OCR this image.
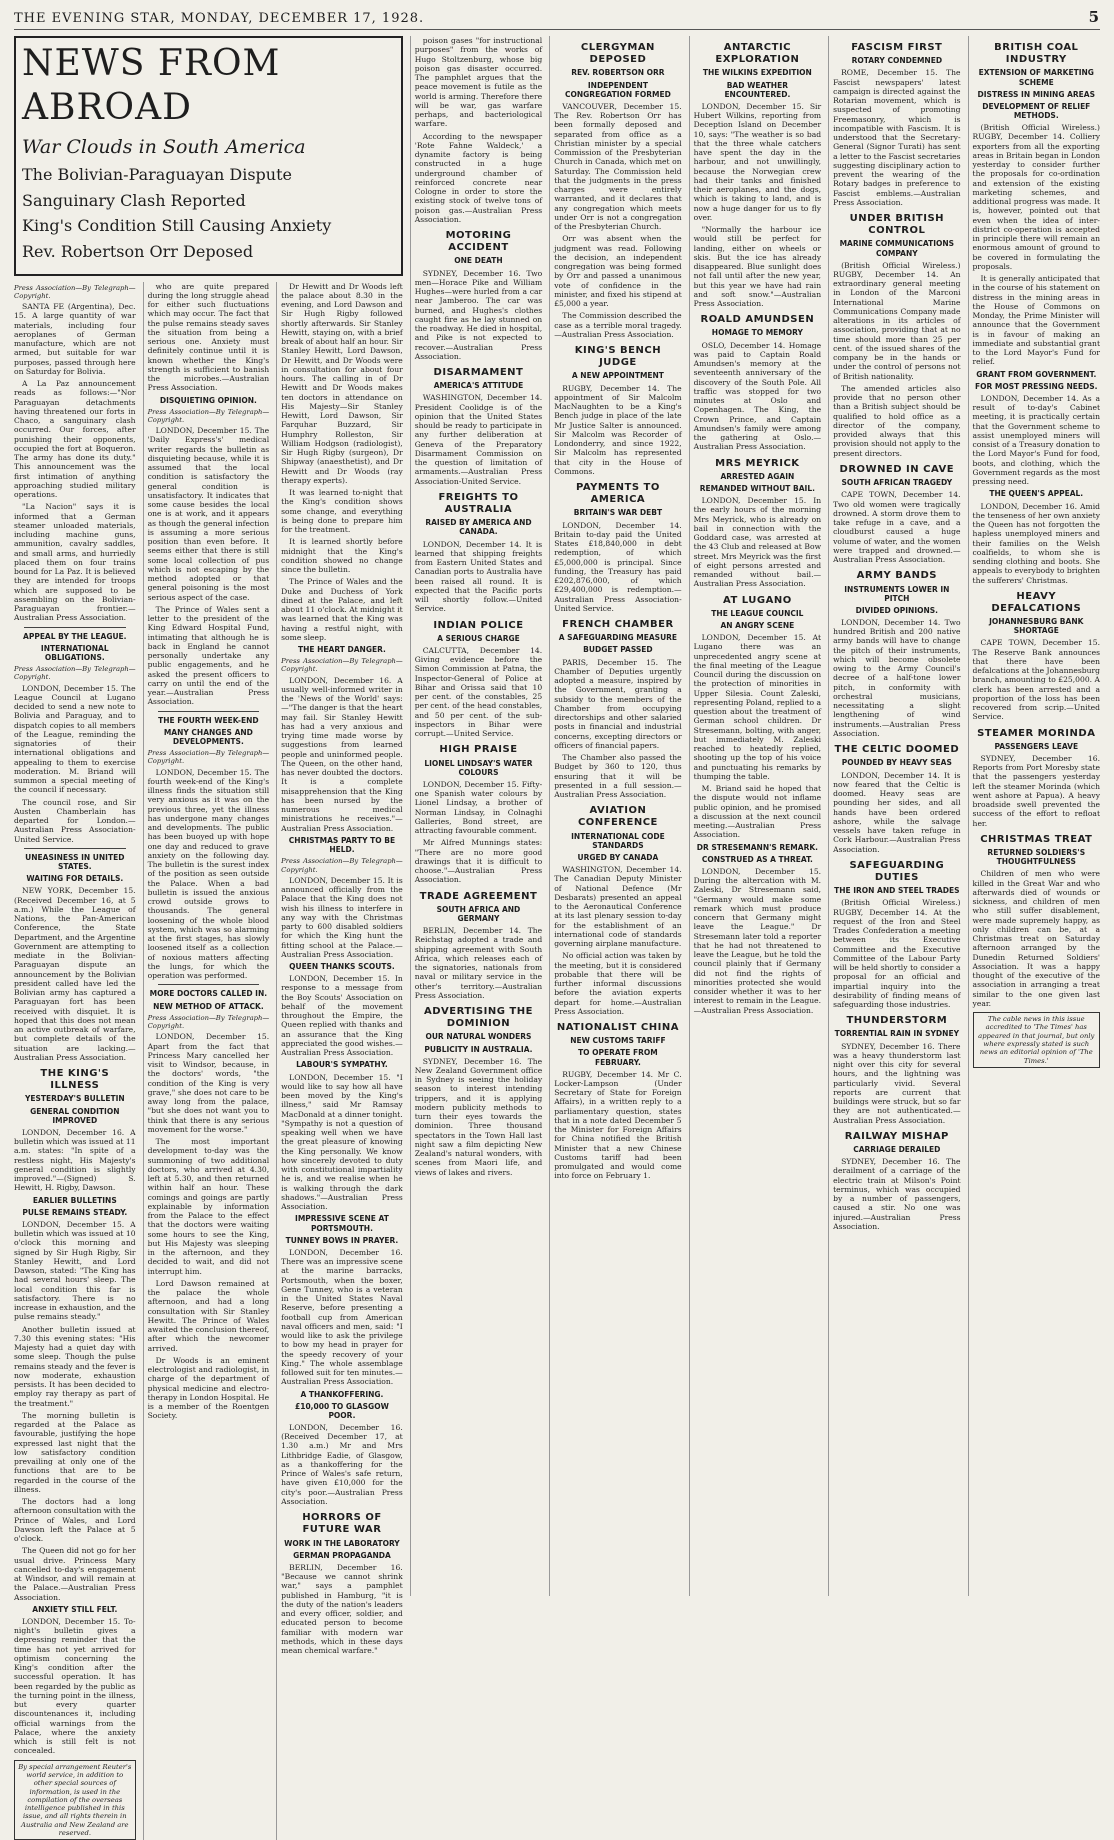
THE EVENING STAR, MONDAY, DECEMBER 17, 1928.	5
NEWS FROM ABROAD
War Clouds in South America
The Bolivian-Paraguayan Dispute
Sanguinary Clash Reported
King's Condition Still Causing Anxiety
Rev. Robertson Orr Deposed
Press Association—By Telegraph—Copyright.

SANTA FE (Argentina), Dec. 15. A large quantity of war materials, including four aeroplanes of German manufacture, which are not armed, but suitable for war purposes, passed through here on Saturday for Bolivia.

A La Paz announcement reads as follows:—"Nor Paraguayan detachments having threatened our forts in Chaco, a sanguinary clash occurred. Our forces, after punishing their opponents, occupied the fort at Boqueron. The army has done its duty." This announcement was the first intimation of anything approaching studied military operations.

"La Nacion" says it is informed that a German steamer unloaded materials, including machine guns, ammunition, cavalry saddles, and small arms, and hurriedly placed them on four trains bound for La Paz. It is believed they are intended for troops which are supposed to be assembling on the Bolivian-Paraguayan frontier.—Australian Press Association.

APPEAL BY THE LEAGUE.
INTERNATIONAL OBLIGATIONS.
Press Association—By Telegraph—Copyright.

LONDON, December 15. The League Council at Lugano decided to send a new note to Bolivia and Paraguay, and to dispatch copies to all members of the League, reminding the signatories of their international obligations and appealing to them to exercise moderation. M. Briand will summon a special meeting of the council if necessary.

The council rose, and Sir Austen Chamberlain has departed for London.—Australian Press Association-United Service.

UNEASINESS IN UNITED STATES.
WAITING FOR DETAILS.

NEW YORK, December 15. (Received December 16, at 5 a.m.) While the League of Nations, the Pan-American Conference, the State Department, and the Argentine Government are attempting to mediate in the Bolivian-Paraguayan dispute an announcement by the Bolivian president called have led the Bolivian army has captured a Paraguayan fort has been received with disquiet. It is hoped that this does not mean an active outbreak of warfare, but complete details of the situation are lacking.—Australian Press Association.

THE KING'S ILLNESS
YESTERDAY'S BULLETIN
GENERAL CONDITION IMPROVED

LONDON, December 16. A bulletin which was issued at 11 a.m. states: "In spite of a restless night, His Majesty's general condition is slightly improved."—(Signed) S. Hewitt, H. Rigby, Dawson.

EARLIER BULLETINS
PULSE REMAINS STEADY.

LONDON, December 15. A bulletin which was issued at 10 o'clock this morning and signed by Sir Hugh Rigby, Sir Stanley Hewitt, and Lord Dawson, stated: "The King has had several hours' sleep. The local condition this far is satisfactory. There is no increase in exhaustion, and the pulse remains steady."

Another bulletin issued at 7.30 this evening states: "His Majesty had a quiet day with some sleep. Though the pulse remains steady and the fever is now moderate, exhaustion persists. It has been decided to employ ray therapy as part of the treatment."

The morning bulletin is regarded at the Palace as favourable, justifying the hope expressed last night that the low satisfactory condition prevailing at only one of the functions that are to be regarded in the course of the illness.

The doctors had a long afternoon consultation with the Prince of Wales, and Lord Dawson left the Palace at 5 o'clock.

The Queen did not go for her usual drive. Princess Mary cancelled to-day's engagement at Windsor, and will remain at the Palace.—Australian Press Association.

ANXIETY STILL FELT.

LONDON, December 15. To-night's bulletin gives a depressing reminder that the time has not yet arrived for optimism concerning the King's condition after the successful operation. It has been regarded by the public as the turning point in the illness, but every quarter discountenances it, including official warnings from the Palace, where the anxiety which is still felt is not concealed.

By special arrangement Reuter's world service, in addition to other special sources of information, is used in the compilation of the overseas intelligence published in this issue, and all rights therein in Australia and New Zealand are reserved.

who are quite prepared during the long struggle ahead for either such fluctuations which may occur. The fact that the pulse remains steady saves the situation from being a serious one. Anxiety must definitely continue until it is known whether the King's strength is sufficient to banish the microbes.—Australian Press Association.

DISQUIETING OPINION.
Press Association—By Telegraph—Copyright.

LONDON, December 15. The 'Daily Express's' medical writer regards the bulletin as disquieting because, while it is assumed that the local condition is satisfactory the general condition is unsatisfactory. It indicates that some cause besides the local one is at work, and it appears as though the general infection is assuming a more serious position than even before. It seems either that there is still some local collection of pus which is not escaping by the method adopted or that general poisoning is the most serious aspect of the case.

The Prince of Wales sent a letter to the president of the King Edward Hospital Fund, intimating that although he is back in England he cannot personally undertake any public engagements, and he asked the present officers to carry on until the end of the year.—Australian Press Association.

THE FOURTH WEEK-END
MANY CHANGES AND DEVELOPMENTS.
Press Association—By Telegraph—Copyright.

LONDON, December 15. The fourth week-end of the King's illness finds the situation still very anxious as it was on the previous three, yet the illness has undergone many changes and developments. The public has been buoyed up with hope one day and reduced to grave anxiety on the following day. The bulletin is the surest index of the position as seen outside the Palace. When a bad bulletin is issued the anxious crowd outside grows to thousands. The general loosening of the whole blood system, which was so alarming at the first stages, has slowly loosened itself as a collection of noxious matters affecting the lungs, for which the operation was performed.

MORE DOCTORS CALLED IN.
NEW METHOD OF ATTACK.
Press Association—By Telegraph—Copyright.

LONDON, December 15. Apart from the fact that Princess Mary cancelled her visit to Windsor, because, in the doctors' words, "the condition of the King is very grave," she does not care to be away long from the palace, "but she does not want you to think that there is any serious movement for the worse."

The most important development to-day was the summoning of two additional doctors, who arrived at 4.30, left at 5.30, and then returned within half an hour. These comings and goings are partly explainable by information from the Palace to the effect that the doctors were waiting some hours to see the King, but His Majesty was sleeping in the afternoon, and they decided to wait, and did not interrupt him.

Lord Dawson remained at the palace the whole afternoon, and had a long consultation with Sir Stanley Hewitt. The Prince of Wales awaited the conclusion thereof, after which the newcomer arrived.

Dr Woods is an eminent electrologist and radiologist, in charge of the department of physical medicine and electro-therapy in London Hospital. He is a member of the Roentgen Society.

Dr Hewitt and Dr Woods left the palace about 8.30 in the evening, and Lord Dawson and Sir Hugh Rigby followed shortly afterwards. Sir Stanley Hewitt, staying on, with a brief break of about half an hour. Sir Stanley Hewitt, Lord Dawson, Dr Hewitt, and Dr Woods were in consultation for about four hours. The calling in of Dr Hewitt and Dr Woods makes ten doctors in attendance on His Majesty—Sir Stanley Hewitt, Lord Dawson, Sir Farquhar Buzzard, Sir Humphry Rolleston, Sir William Hodgson (radiologist), Sir Hugh Rigby (surgeon), Dr Shipway (anaesthetist), and Dr Hewitt and Dr Woods (ray therapy experts).

It was learned to-night that the King's condition shows some change, and everything is being done to prepare him for the treatment.

It is learned shortly before midnight that the King's condition showed no change since the bulletin.

The Prince of Wales and the Duke and Duchess of York dined at the Palace, and left about 11 o'clock. At midnight it was learned that the King was having a restful night, with some sleep.

THE HEART DANGER.
Press Association—By Telegraph—Copyright.

LONDON, December 16. A usually well-informed writer in the 'News of the World' says:—"The danger is that the heart may fail. Sir Stanley Hewitt has had a very anxious and trying time made worse by suggestions from learned people and uninformed people. The Queen, on the other hand, has never doubted the doctors. It is a complete misapprehension that the King has been nursed by the numerous medical ministrations he receives."—Australian Press Association.

CHRISTMAS PARTY TO BE HELD.
Press Association—By Telegraph—Copyright.

LONDON, December 15. It is announced officially from the Palace that the King does not wish his illness to interfere in any way with the Christmas party to 600 disabled soldiers for which the King hunt the fitting school at the Palace.—Australian Press Association.

QUEEN THANKS SCOUTS.

LONDON, December 15. In response to a message from the Boy Scouts' Association on behalf of the movement throughout the Empire, the Queen replied with thanks and an assurance that the King appreciated the good wishes.—Australian Press Association.

LABOUR'S SYMPATHY.

LONDON, December 15. "I would like to say how all have been moved by the King's illness," said Mr Ramsay MacDonald at a dinner tonight. "Sympathy is not a question of speaking well when we have the great pleasure of knowing the King personally. We know how sincerely devoted to duty with constitutional impartiality he is, and we realise when he is walking through the dark shadows."—Australian Press Association.

IMPRESSIVE SCENE AT PORTSMOUTH.
TUNNEY BOWS IN PRAYER.

LONDON, December 16. There was an impressive scene at the marine barracks, Portsmouth, when the boxer, Gene Tunney, who is a veteran in the United States Naval Reserve, before presenting a football cup from American naval officers and men, said: "I would like to ask the privilege to bow my head in prayer for the speedy recovery of your King." The whole assemblage followed suit for ten minutes.—Australian Press Association.

A THANKOFFERING.
£10,000 TO GLASGOW POOR.

LONDON, December 16. (Received December 17, at 1.30 a.m.) Mr and Mrs Lithbridge Eadie, of Glasgow, as a thankoffering for the Prince of Wales's safe return, have given £10,000 for the city's poor.—Australian Press Association.

HORRORS OF FUTURE WAR
WORK IN THE LABORATORY
GERMAN PROPAGANDA

BERLIN, December 16. "Because we cannot shrink war," says a pamphlet published in Hamburg, "it is the duty of the nation's leaders and every officer, soldier, and educated person to become familiar with modern war methods, which in these days mean chemical warfare."

poison gases "for instructional purposes" from the works of Hugo Stoltzenburg, whose big poison gas disaster occurred. The pamphlet argues that the peace movement is futile as the world is arming. Therefore there will be war, gas warfare perhaps, and bacteriological warfare.

According to the newspaper 'Rote Fahne Waldeck,' a dynamite factory is being constructed in a huge underground chamber of reinforced concrete near Cologne in order to store the existing stock of twelve tons of poison gas.—Australian Press Association.

MOTORING ACCIDENT
ONE DEATH

SYDNEY, December 16. Two men—Horace Pike and William Hughes—were hurled from a car near Jamberoo. The car was burned, and Hughes's clothes caught fire as he lay stunned on the roadway. He died in hospital, and Pike is not expected to recover.—Australian Press Association.

DISARMAMENT
AMERICA'S ATTITUDE

WASHINGTON, December 14. President Coolidge is of the opinion that the United States should be ready to participate in any further deliberation at Geneva of the Preparatory Disarmament Commission on the question of limitation of armaments.—Australian Press Association-United Service.

FREIGHTS TO AUSTRALIA
RAISED BY AMERICA AND CANADA.

LONDON, December 14. It is learned that shipping freights from Eastern United States and Canadian ports to Australia have been raised all round. It is expected that the Pacific ports will shortly follow.—United Service.

INDIAN POLICE
A SERIOUS CHARGE

CALCUTTA, December 14. Giving evidence before the Simon Commission at Patna, the Inspector-General of Police at Bihar and Orissa said that 10 per cent. of the constables, 25 per cent. of the head constables, and 50 per cent. of the sub-inspectors in Bihar were corrupt.—United Service.

HIGH PRAISE
LIONEL LINDSAY'S WATER COLOURS

LONDON, December 15. Fifty-one Spanish water colours by Lionel Lindsay, a brother of Norman Lindsay, in Colnaghi Galleries, Bond street, are attracting favourable comment.

Mr Alfred Munnings states: "There are no more good drawings that it is difficult to choose."—Australian Press Association.

TRADE AGREEMENT
SOUTH AFRICA AND GERMANY

BERLIN, December 14. The Reichstag adopted a trade and shipping agreement with South Africa, which releases each of the signatories, nationals from naval or military service in the other's territory.—Australian Press Association.

ADVERTISING THE DOMINION
OUR NATURAL WONDERS
PUBLICITY IN AUSTRALIA.

SYDNEY, December 16. The New Zealand Government office in Sydney is seeing the holiday season to interest intending trippers, and it is applying modern publicity methods to turn their eyes towards the dominion. Three thousand spectators in the Town Hall last night saw a film depicting New Zealand's natural wonders, with scenes from Maori life, and views of lakes and rivers.

CLERGYMAN DEPOSED
REV. ROBERTSON ORR
INDEPENDENT CONGREGATION FORMED

VANCOUVER, December 15. The Rev. Robertson Orr has been formally deposed and separated from office as a Christian minister by a special Commission of the Presbyterian Church in Canada, which met on Saturday. The Commission held that the judgments in the press charges were entirely warranted, and it declares that any congregation which meets under Orr is not a congregation of the Presbyterian Church.

Orr was absent when the judgment was read. Following the decision, an independent congregation was being formed by Orr and passed a unanimous vote of confidence in the minister, and fixed his stipend at £5,000 a year.

The Commission described the case as a terrible moral tragedy.—Australian Press Association.

KING'S BENCH JUDGE
A NEW APPOINTMENT

RUGBY, December 14. The appointment of Sir Malcolm MacNaughten to be a King's Bench judge in place of the late Mr Justice Salter is announced. Sir Malcolm was Recorder of Londonderry, and since 1922, Sir Malcolm has represented that city in the House of Commons.

PAYMENTS TO AMERICA
BRITAIN'S WAR DEBT

LONDON, December 14. Britain to-day paid the United States £18,840,000 in debt redemption, of which £5,000,000 is principal. Since funding, the Treasury has paid £202,876,000, of which £29,400,000 is redemption.—Australian Press Association-United Service.

FRENCH CHAMBER
A SAFEGUARDING MEASURE
BUDGET PASSED

PARIS, December 15. The Chamber of Deputies urgently adopted a measure, inspired by the Government, granting a subsidy to the members of the Chamber from occupying directorships and other salaried posts in financial and industrial concerns, excepting directors or officers of financial papers.

The Chamber also passed the Budget by 360 to 120, thus ensuring that it will be presented in a full session.—Australian Press Association.

AVIATION CONFERENCE
INTERNATIONAL CODE STANDARDS
URGED BY CANADA

WASHINGTON, December 14. The Canadian Deputy Minister of National Defence (Mr Desbarats) presented an appeal to the Aeronautical Conference at its last plenary session to-day for the establishment of an international code of standards governing airplane manufacture.

No official action was taken by the meeting, but it is considered probable that there will be further informal discussions before the aviation experts depart for home.—Australian Press Association.

NATIONALIST CHINA
NEW CUSTOMS TARIFF
TO OPERATE FROM FEBRUARY.

RUGBY, December 14. Mr C. Locker-Lampson (Under Secretary of State for Foreign Affairs), in a written reply to a parliamentary question, states that in a note dated December 5 the Minister for Foreign Affairs for China notified the British Minister that a new Chinese Customs tariff had been promulgated and would come into force on February 1.

ANTARCTIC EXPLORATION
THE WILKINS EXPEDITION
BAD WEATHER ENCOUNTERED.

LONDON, December 15. Sir Hubert Wilkins, reporting from Deception Island on December 10, says: "The weather is so bad that the three whale catchers have spent the day in the harbour, and not unwillingly, because the Norwegian crew had their tanks and finished their aeroplanes, and the dogs, which is taking to land, and is now a huge danger for us to fly over.

"Normally the harbour ice would still be perfect for landing, either on wheels or skis. But the ice has already disappeared. Blue sunlight does not fall until after the new year, but this year we have had rain and soft snow."—Australian Press Association.

ROALD AMUNDSEN
HOMAGE TO MEMORY

OSLO, December 14. Homage was paid to Captain Roald Amundsen's memory at the seventeenth anniversary of the discovery of the South Pole. All traffic was stopped for two minutes at Oslo and Copenhagen. The King, the Crown Prince, and Captain Amundsen's family were among the gathering at Oslo.—Australian Press Association.

MRS MEYRICK
ARRESTED AGAIN
REMANDED WITHOUT BAIL.

LONDON, December 15. In the early hours of the morning Mrs Meyrick, who is already on bail in connection with the Goddard case, was arrested at the 43 Club and released at Bow street. Mrs Meyrick was the first of eight persons arrested and remanded without bail.—Australian Press Association.

AT LUGANO
THE LEAGUE COUNCIL
AN ANGRY SCENE

LONDON, December 15. At Lugano there was an unprecedented angry scene at the final meeting of the League Council during the discussion on the protection of minorities in Upper Silesia. Count Zaleski, representing Poland, replied to a question about the treatment of German school children. Dr Stresemann, bolting, with anger, but immediately M. Zaleski reached to heatedly replied, shooting up the top of his voice and punctuating his remarks by thumping the table.

M. Briand said he hoped that the dispute would not inflame public opinion, and he promised a discussion at the next council meeting.—Australian Press Association.

DR STRESEMANN'S REMARK.
CONSTRUED AS A THREAT.

LONDON, December 15. During the altercation with M. Zaleski, Dr Stresemann said, "Germany would make some remark which must produce concern that Germany might leave the League." Dr Stresemann later told a reporter that he had not threatened to leave the League, but he told the council plainly that if Germany did not find the rights of minorities protected she would consider whether it was to her interest to remain in the League.—Australian Press Association.

FASCISM FIRST
ROTARY CONDEMNED

ROME, December 15. The Fascist newspapers' latest campaign is directed against the Rotarian movement, which is suspected of promoting Freemasonry, which is incompatible with Fascism. It is understood that the Secretary-General (Signor Turati) has sent a letter to the Fascist secretaries suggesting disciplinary action to prevent the wearing of the Rotary badges in preference to Fascist emblems.—Australian Press Association.

UNDER BRITISH CONTROL
MARINE COMMUNICATIONS COMPANY

(British Official Wireless.) RUGBY, December 14. An extraordinary general meeting in London of the Marconi International Marine Communications Company made alterations in its articles of association, providing that at no time should more than 25 per cent. of the issued shares of the company be in the hands or under the control of persons not of British nationality.

The amended articles also provide that no person other than a British subject should be qualified to hold office as a director of the company, provided always that this provision should not apply to the present directors.

DROWNED IN CAVE
SOUTH AFRICAN TRAGEDY

CAPE TOWN, December 14. Two old women were tragically drowned. A storm drove them to take refuge in a cave, and a cloudburst caused a huge volume of water, and the women were trapped and drowned.—Australian Press Association.

ARMY BANDS
INSTRUMENTS LOWER IN PITCH
DIVIDED OPINIONS.

LONDON, December 14. Two hundred British and 200 native army bands will have to change the pitch of their instruments, which will become obsolete owing to the Army Council's decree of a half-tone lower pitch, in conformity with orchestral musicians, necessitating a slight lengthening of wind instruments.—Australian Press Association.

THE CELTIC DOOMED
POUNDED BY HEAVY SEAS

LONDON, December 14. It is now feared that the Celtic is doomed. Heavy seas are pounding her sides, and all hands have been ordered ashore, while the salvage vessels have taken refuge in Cork Harbour.—Australian Press Association.

SAFEGUARDING DUTIES
THE IRON AND STEEL TRADES

(British Official Wireless.) RUGBY, December 14. At the request of the Iron and Steel Trades Confederation a meeting between its Executive Committee and the Executive Committee of the Labour Party will be held shortly to consider a proposal for an official and impartial inquiry into the desirability of finding means of safeguarding those industries.

THUNDERSTORM
TORRENTIAL RAIN IN SYDNEY

SYDNEY, December 16. There was a heavy thunderstorm last night over this city for several hours, and the lightning was particularly vivid. Several reports are current that buildings were struck, but so far they are not authenticated.—Australian Press Association.

RAILWAY MISHAP
CARRIAGE DERAILED

SYDNEY, December 16. The derailment of a carriage of the electric train at Milson's Point terminus, which was occupied by a number of passengers, caused a stir. No one was injured.—Australian Press Association.

BRITISH COAL INDUSTRY
EXTENSION OF MARKETING SCHEME
DISTRESS IN MINING AREAS
DEVELOPMENT OF RELIEF METHODS.

(British Official Wireless.) RUGBY, December 14. Colliery exporters from all the exporting areas in Britain began in London yesterday to consider further the proposals for co-ordination and extension of the existing marketing schemes, and additional progress was made. It is, however, pointed out that even when the idea of inter-district co-operation is accepted in principle there will remain an enormous amount of ground to be covered in formulating the proposals.

It is generally anticipated that in the course of his statement on distress in the mining areas in the House of Commons on Monday, the Prime Minister will announce that the Government is in favour of making an immediate and substantial grant to the Lord Mayor's Fund for relief.

GRANT FROM GOVERNMENT.
FOR MOST PRESSING NEEDS.

LONDON, December 14. As a result of to-day's Cabinet meeting, it is practically certain that the Government scheme to assist unemployed miners will consist of a Treasury donation to the Lord Mayor's Fund for food, boots, and clothing, which the Government regards as the most pressing need.

THE QUEEN'S APPEAL.

LONDON, December 16. Amid the tenseness of her own anxiety the Queen has not forgotten the hapless unemployed miners and their families on the Welsh coalfields, to whom she is sending clothing and boots. She appeals to everybody to brighten the sufferers' Christmas.

HEAVY DEFALCATIONS
JOHANNESBURG BANK SHORTAGE

CAPE TOWN, December 15. The Reserve Bank announces that there have been defalcations at the Johannesburg branch, amounting to £25,000. A clerk has been arrested and a proportion of the loss has been recovered from scrip.—United Service.

STEAMER MORINDA
PASSENGERS LEAVE

SYDNEY, December 16. Reports from Port Moresby state that the passengers yesterday left the steamer Morinda (which went ashore at Papua). A heavy broadside swell prevented the success of the effort to refloat her.

CHRISTMAS TREAT
RETURNED SOLDIERS'S THOUGHTFULNESS

Children of men who were killed in the Great War and who afterwards died of wounds or sickness, and children of men who still suffer disablement, were made supremely happy, as only children can be, at a Christmas treat on Saturday afternoon arranged by the Dunedin Returned Soldiers' Association. It was a happy thought of the executive of the association in arranging a treat similar to the one given last year.

The cable news in this issue accredited to 'The Times' has appeared in that journal, but only where expressly stated is such news an editorial opinion of 'The Times.'
